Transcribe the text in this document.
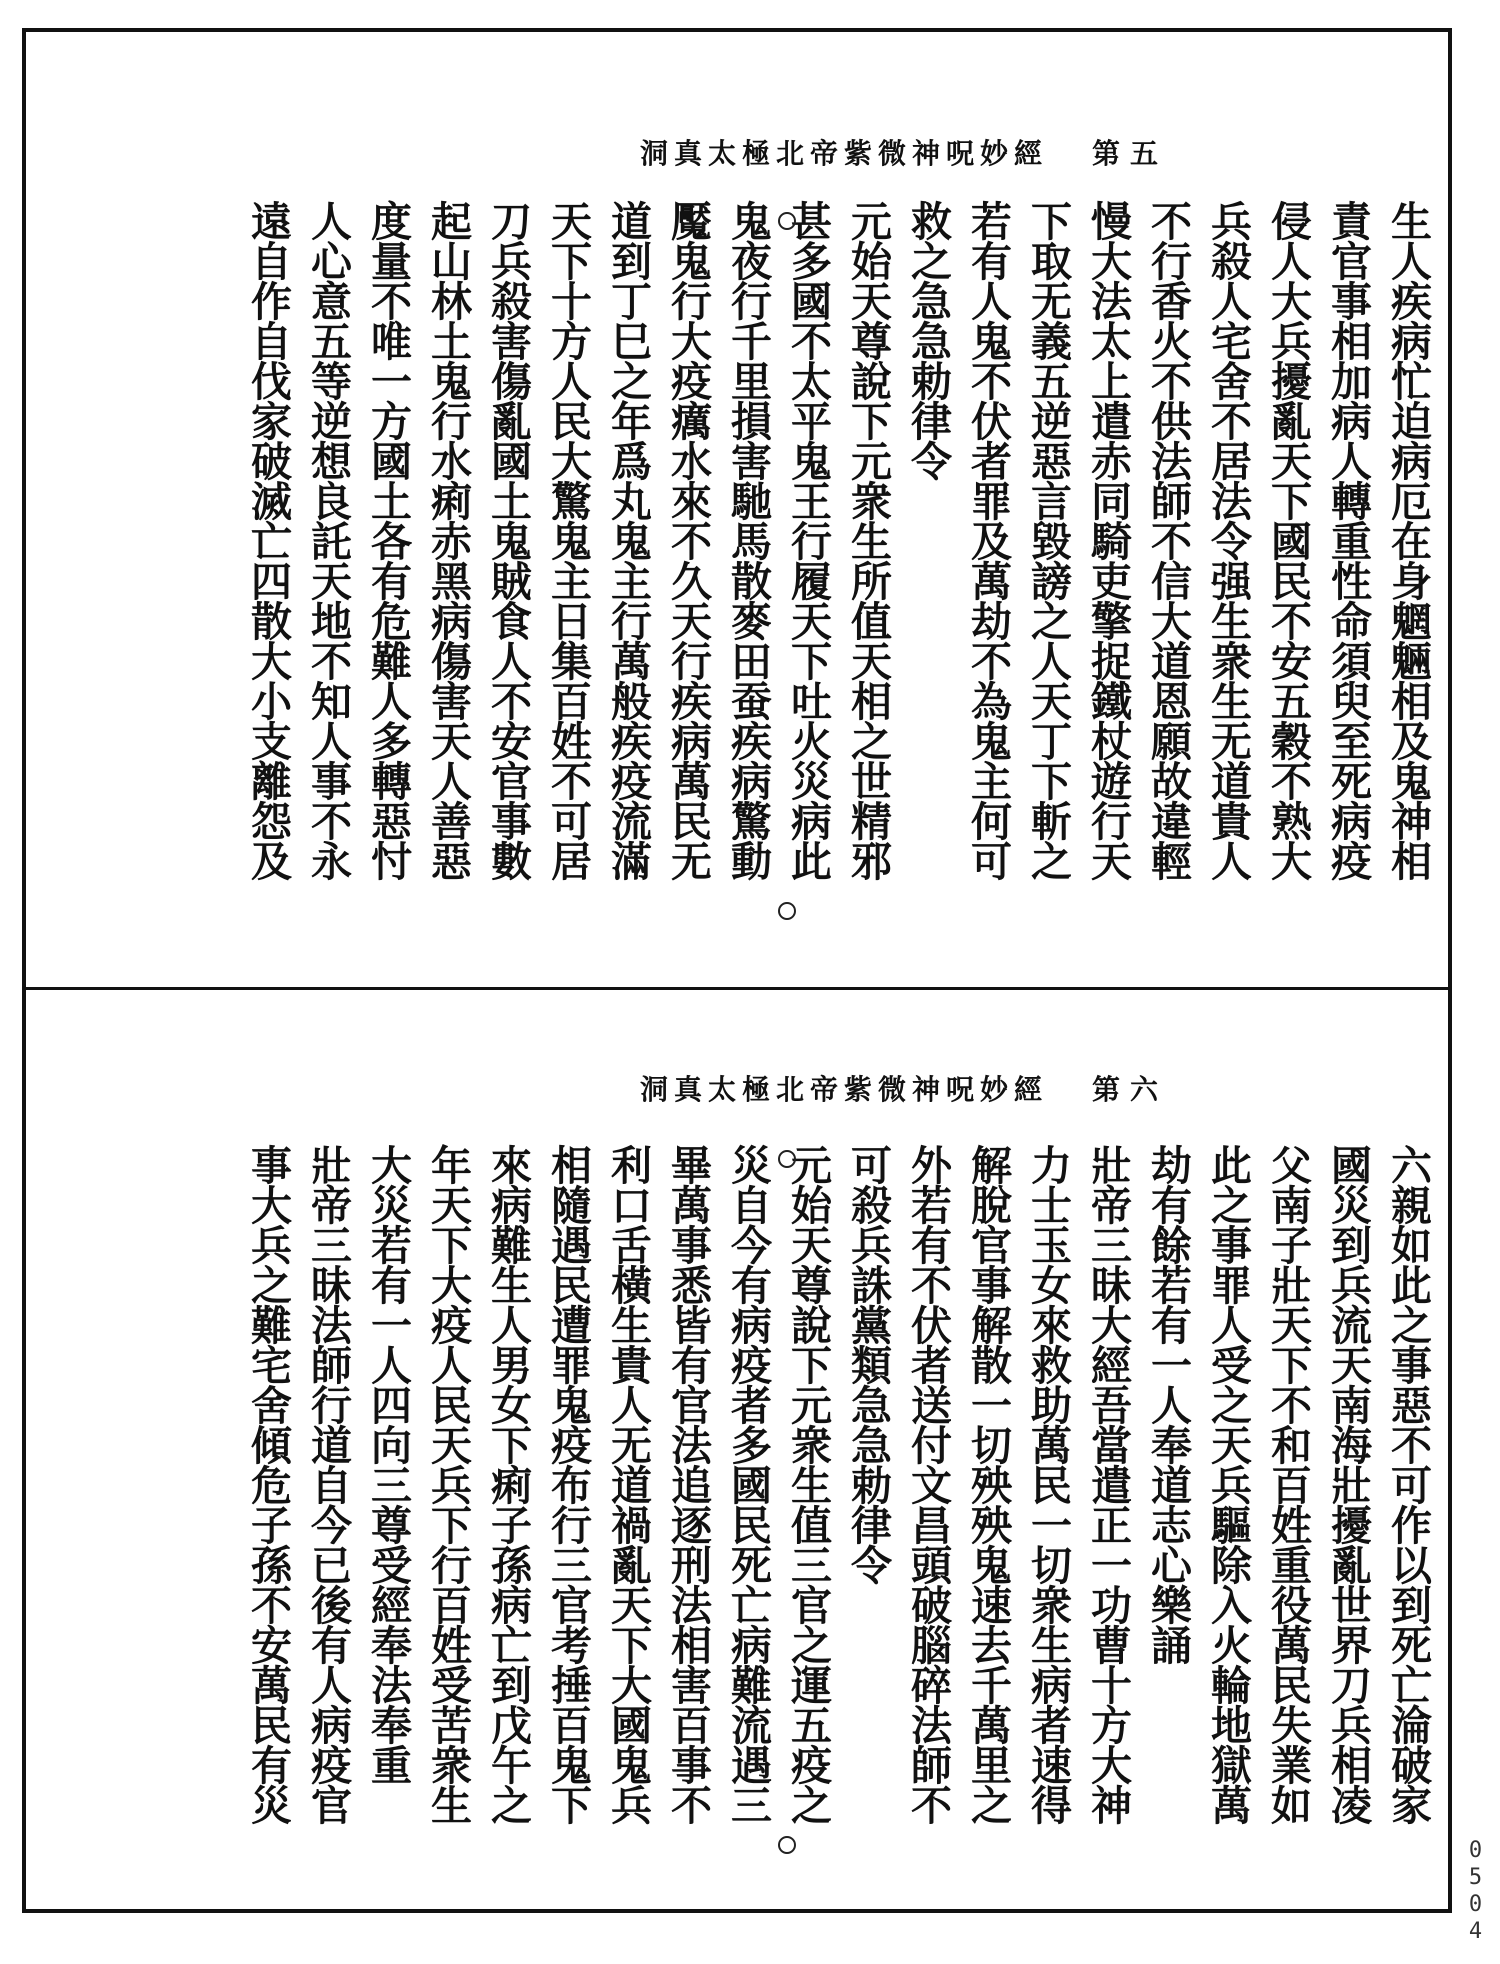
洞真太極北帝紫微神呪妙經 第五
生人疾病忙迫病厄在身魍魎相及鬼神相
責官事相加病人轉重性命須臾至死病疫
侵人大兵擾亂天下國民不安五穀不熟大
兵殺人宅舍不居法令强生衆生无道貴人
不行香火不供法師不信大道恩願故違輕
慢大法太上遣赤同騎吏擎捉鐵杖遊行天
下取无義五逆惡言毀謗之人天丁下斬之
若有人鬼不伏者罪及萬劫不為鬼主何可
救之急急勅律令
元始天尊說下元衆生所值天相之世精邪
甚多國不太平鬼王行履天下吐火災病此
鬼夜行千里損害馳馬散麥田蚕疾病驚動
魘鬼行大疫癘水來不久天行疾病萬民无
道到丁巳之年爲丸鬼主行萬般疾疫流滿
天下十方人民大驚鬼主日集百姓不可居
刀兵殺害傷亂國土鬼賊食人不安官事數
起山林土鬼行水痢赤黑病傷害天人善惡
度量不唯一方國土各有危難人多轉惡忖
人心意五等逆想良託天地不知人事不永
遠自作自伐家破滅亡四散大小支離怨及
洞真太極北帝紫微神呪妙經 第六
六親如此之事惡不可作以到死亡淪破家
國災到兵流天南海壯擾亂世界刀兵相凌
父南子壯天下不和百姓重役萬民失業如
此之事罪人受之天兵驅除入火輪地獄萬
劫有餘若有一人奉道志心樂誦
壯帝三昧大經吾當遣正一功曹十方大神
力士玉女來救助萬民一切衆生病者速得
解脫官事解散一切殃殃鬼速去千萬里之
外若有不伏者送付文昌頭破腦碎法師不
可殺兵誅黨類急急勅律令
元始天尊說下元衆生值三官之運五疫之
災自今有病疫者多國民死亡病難流遇三
畢萬事悉皆有官法追逐刑法相害百事不
利口舌橫生貴人无道禍亂天下大國鬼兵
相隨遇民遭罪鬼疫布行三官考捶百鬼下
來病難生人男女下痢子孫病亡到戊午之
年天下大疫人民天兵下行百姓受苦衆生
大災若有一人四向三尊受經奉法奉重
壯帝三昧法師行道自今已後有人病疫官
事大兵之難宅舍傾危子孫不安萬民有災
0504
